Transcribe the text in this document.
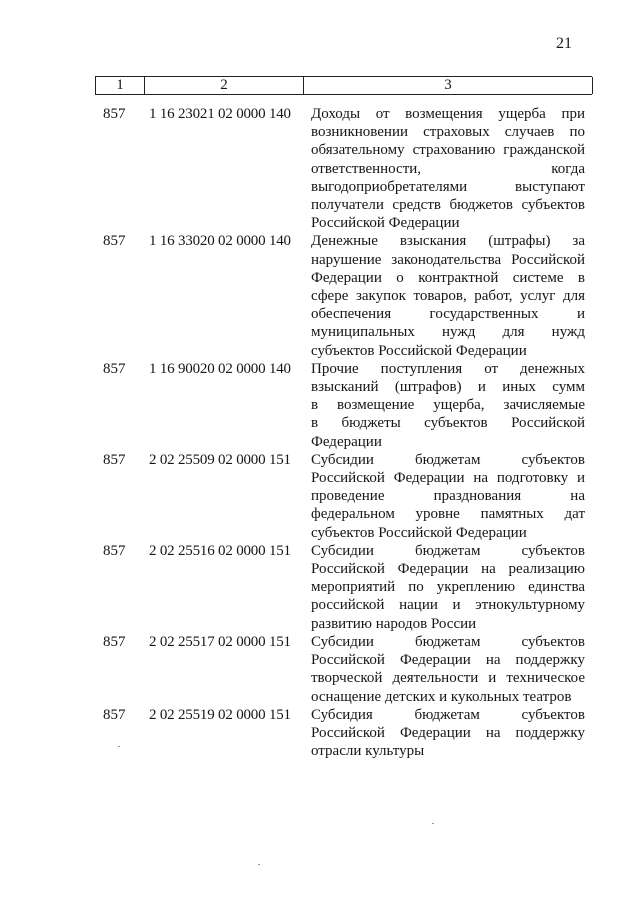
21
1	2	3
857	1 16 23021 02 0000 140	Доходы от возмещения ущерба при
возникновении страховых случаев по
обязательному страхованию гражданской
ответственности, когда
выгодоприобретателями выступают
получатели средств бюджетов субъектов
Российской Федерации
857	1 16 33020 02 0000 140	Денежные взыскания (штрафы) за
нарушение законодательства Российской
Федерации о контрактной системе в
сфере закупок товаров, работ, услуг для
обеспечения государственных и
муниципальных нужд для нужд
субъектов Российской Федерации
857	1 16 90020 02 0000 140	Прочие поступления от денежных
взысканий (штрафов) и иных сумм
в возмещение ущерба, зачисляемые
в бюджеты субъектов Российской
Федерации
857	2 02 25509 02 0000 151	Субсидии бюджетам субъектов
Российской Федерации на подготовку и
проведение празднования на
федеральном уровне памятных дат
субъектов Российской Федерации
857	2 02 25516 02 0000 151	Субсидии бюджетам субъектов
Российской Федерации на реализацию
мероприятий по укреплению единства
российской нации и этнокультурному
развитию народов России
857	2 02 25517 02 0000 151	Субсидии бюджетам субъектов
Российской Федерации на поддержку
творческой деятельности и техническое
оснащение детских и кукольных театров
857	2 02 25519 02 0000 151	Субсидия бюджетам субъектов
Российской Федерации на поддержку
отрасли культуры
